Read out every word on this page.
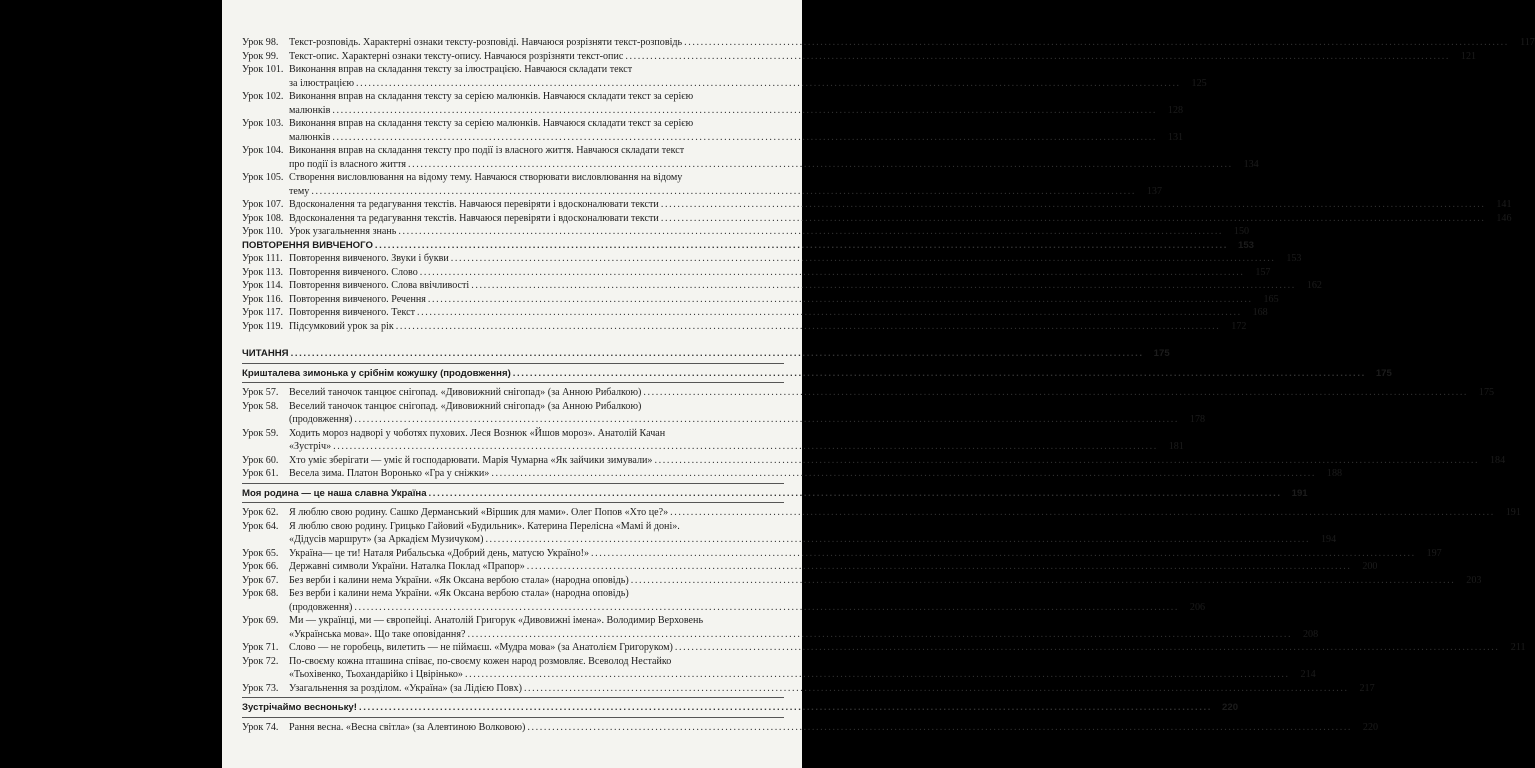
Урок 98.	Текст-розповідь. Характерні ознаки тексту-розповіді. Навчаюся розрізняти текст-розповідь ........................................................................................................................................................................................................	117
Урок 99.	Текст-опис. Характерні ознаки тексту-опису. Навчаюся розрізняти текст-опис ........................................................................................................................................................................................................	121
Урок 101. Виконання вправ на складання тексту за ілюстрацією. Навчаюся складати текст
за ілюстрацією ........................................................................................................................................................................................................	125
Урок 102. Виконання вправ на складання тексту за серією малюнків. Навчаюся складати текст за серією
малюнків ........................................................................................................................................................................................................	128
Урок 103. Виконання вправ на складання тексту за серією малюнків. Навчаюся складати текст за серією
малюнків ........................................................................................................................................................................................................	131
Урок 104. Виконання вправ на складання тексту про події із власного життя. Навчаюся складати текст
про події із власного життя ........................................................................................................................................................................................................	134
Урок 105. Створення висловлювання на відому тему. Навчаюся створювати висловлювання на відому
тему ........................................................................................................................................................................................................	137
Урок 107. Вдосконалення та редагування текстів. Навчаюся перевіряти і вдосконалювати тексти ........................................................................................................................................................................................................	141
Урок 108. Вдосконалення та редагування текстів. Навчаюся перевіряти і вдосконалювати тексти ........................................................................................................................................................................................................	146
Урок 110. Урок узагальнення знань ........................................................................................................................................................................................................	150
ПОВТОРЕННЯ ВИВЧЕНОГО ........................................................................................................................................................................................................	153
Урок 111. Повторення вивченого. Звуки і букви ........................................................................................................................................................................................................	153
Урок 113. Повторення вивченого. Слово ........................................................................................................................................................................................................	157
Урок 114. Повторення вивченого. Слова ввічливості ........................................................................................................................................................................................................	162
Урок 116. Повторення вивченого. Речення ........................................................................................................................................................................................................	165
Урок 117. Повторення вивченого. Текст ........................................................................................................................................................................................................	168
Урок 119. Підсумковий урок за рік ........................................................................................................................................................................................................	172
ЧИТАННЯ ........................................................................................................................................................................................................	175
Кришталева зимонька у срібнім кожушку (продовження) ........................................................................................................................................................................................................	175
Урок 57.	Веселий таночок танцює снігопад. «Дивовижний снігопад» (за Анною Рибалкою) ........................................................................................................................................................................................................	175
Урок 58.	Веселий таночок танцює снігопад. «Дивовижний снігопад» (за Анною Рибалкою)
(продовження) ........................................................................................................................................................................................................	178
Урок 59.	Ходить мороз надворі у чоботях пухових. Леся Вознюк «Йшов мороз». Анатолій Качан
«Зустріч» ........................................................................................................................................................................................................	181
Урок 60.	Хто уміє зберігати — уміє й господарювати. Марія Чумарна «Як зайчики зимували» ........................................................................................................................................................................................................	184
Урок 61.	Весела зима. Платон Воронько «Гра у сніжки» ........................................................................................................................................................................................................	188
Моя родина — це наша славна Україна ........................................................................................................................................................................................................	191
Урок 62.	Я люблю свою родину. Сашко Дерманський «Віршик для мами». Олег Попов «Хто це?» ........................................................................................................................................................................................................	191
Урок 64.	Я люблю свою родину. Грицько Гайовий «Будильник». Катерина Перелісна «Мамі й доні».
«Дідусів маршрут» (за Аркадієм Музичуком) ........................................................................................................................................................................................................	194
Урок 65.	Україна— це ти! Наталя Рибальська «Добрий день, матусю Україно!» ........................................................................................................................................................................................................	197
Урок 66.	Державні символи України. Наталка Поклад «Прапор» ........................................................................................................................................................................................................	200
Урок 67.	Без верби і калини нема України. «Як Оксана вербою стала» (народна оповідь) ........................................................................................................................................................................................................	203
Урок 68.	Без верби і калини нема України. «Як Оксана вербою стала» (народна оповідь)
(продовження) ........................................................................................................................................................................................................	206
Урок 69.	Ми — українці, ми — європейці. Анатолій Григорук «Дивовижні імена». Володимир Верховень
«Українська мова». Що таке оповідання? ........................................................................................................................................................................................................	208
Урок 71.	Слово — не горобець, вилетить — не піймаєш. «Мудра мова» (за Анатолієм Григоруком) ........................................................................................................................................................................................................	211
Урок 72.	По-своєму кожна пташина співає, по-своєму кожен народ розмовляє. Всеволод Нестайко
«Тьохівенко, Тьохандарійко і Цвірінько» ........................................................................................................................................................................................................	214
Урок 73.	Узагальнення за розділом. «Україна» (за Лідією Повх) ........................................................................................................................................................................................................	217
Зустрічаймо весноньку! ........................................................................................................................................................................................................	220
Урок 74.	Рання весна. «Весна світла» (за Алевтиною Волковою) ........................................................................................................................................................................................................	220
